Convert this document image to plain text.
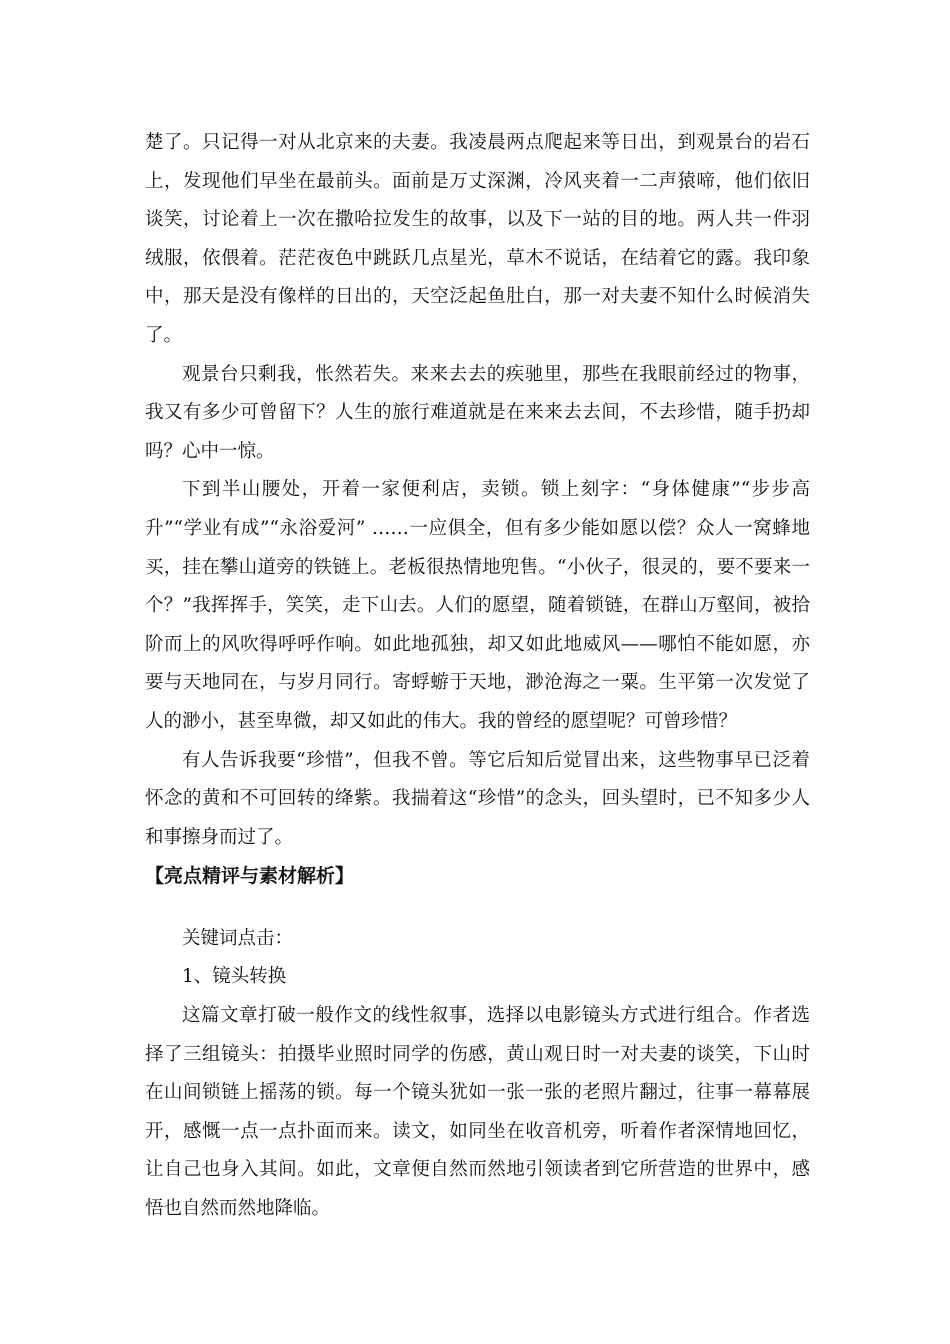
楚了。只记得一对从北京来的夫妻。我凌晨两点爬起来等日出，到观景台的岩石上，发现他们早坐在最前头。面前是万丈深渊，冷风夹着一二声猿啼，他们依旧谈笑，讨论着上一次在撒哈拉发生的故事，以及下一站的目的地。两人共一件羽绒服，依偎着。茫茫夜色中跳跃几点星光，草木不说话，在结着它的露。我印象中，那天是没有像样的日出的，天空泛起鱼肚白，那一对夫妻不知什么时候消失了。

观景台只剩我，怅然若失。来来去去的疾驰里，那些在我眼前经过的物事，我又有多少可曾留下？人生的旅行难道就是在来来去去间，不去珍惜，随手扔却吗？心中一惊。

下到半山腰处，开着一家便利店，卖锁。锁上刻字：“身体健康”“步步高升”“学业有成”“永浴爱河” ……一应俱全，但有多少能如愿以偿？众人一窝蜂地买，挂在攀山道旁的铁链上。老板很热情地兜售。“小伙子，很灵的，要不要来一个？”我挥挥手，笑笑，走下山去。人们的愿望，随着锁链，在群山万壑间，被拾阶而上的风吹得呼呼作响。如此地孤独，却又如此地威风——哪怕不能如愿，亦要与天地同在，与岁月同行。寄蜉蝣于天地，渺沧海之一粟。生平第一次发觉了人的渺小，甚至卑微，却又如此的伟大。我的曾经的愿望呢？可曾珍惜？

有人告诉我要“珍惜”，但我不曾。等它后知后觉冒出来，这些物事早已泛着怀念的黄和不可回转的绛紫。我揣着这“珍惜”的念头，回头望时，已不知多少人和事擦身而过了。

【亮点精评与素材解析】

关键词点击：

1、镜头转换

这篇文章打破一般作文的线性叙事，选择以电影镜头方式进行组合。作者选择了三组镜头：拍摄毕业照时同学的伤感，黄山观日时一对夫妻的谈笑，下山时在山间锁链上摇荡的锁。每一个镜头犹如一张一张的老照片翻过，往事一幕幕展开，感慨一点一点扑面而来。读文，如同坐在收音机旁，听着作者深情地回忆，让自己也身入其间。如此，文章便自然而然地引领读者到它所营造的世界中，感悟也自然而然地降临。
